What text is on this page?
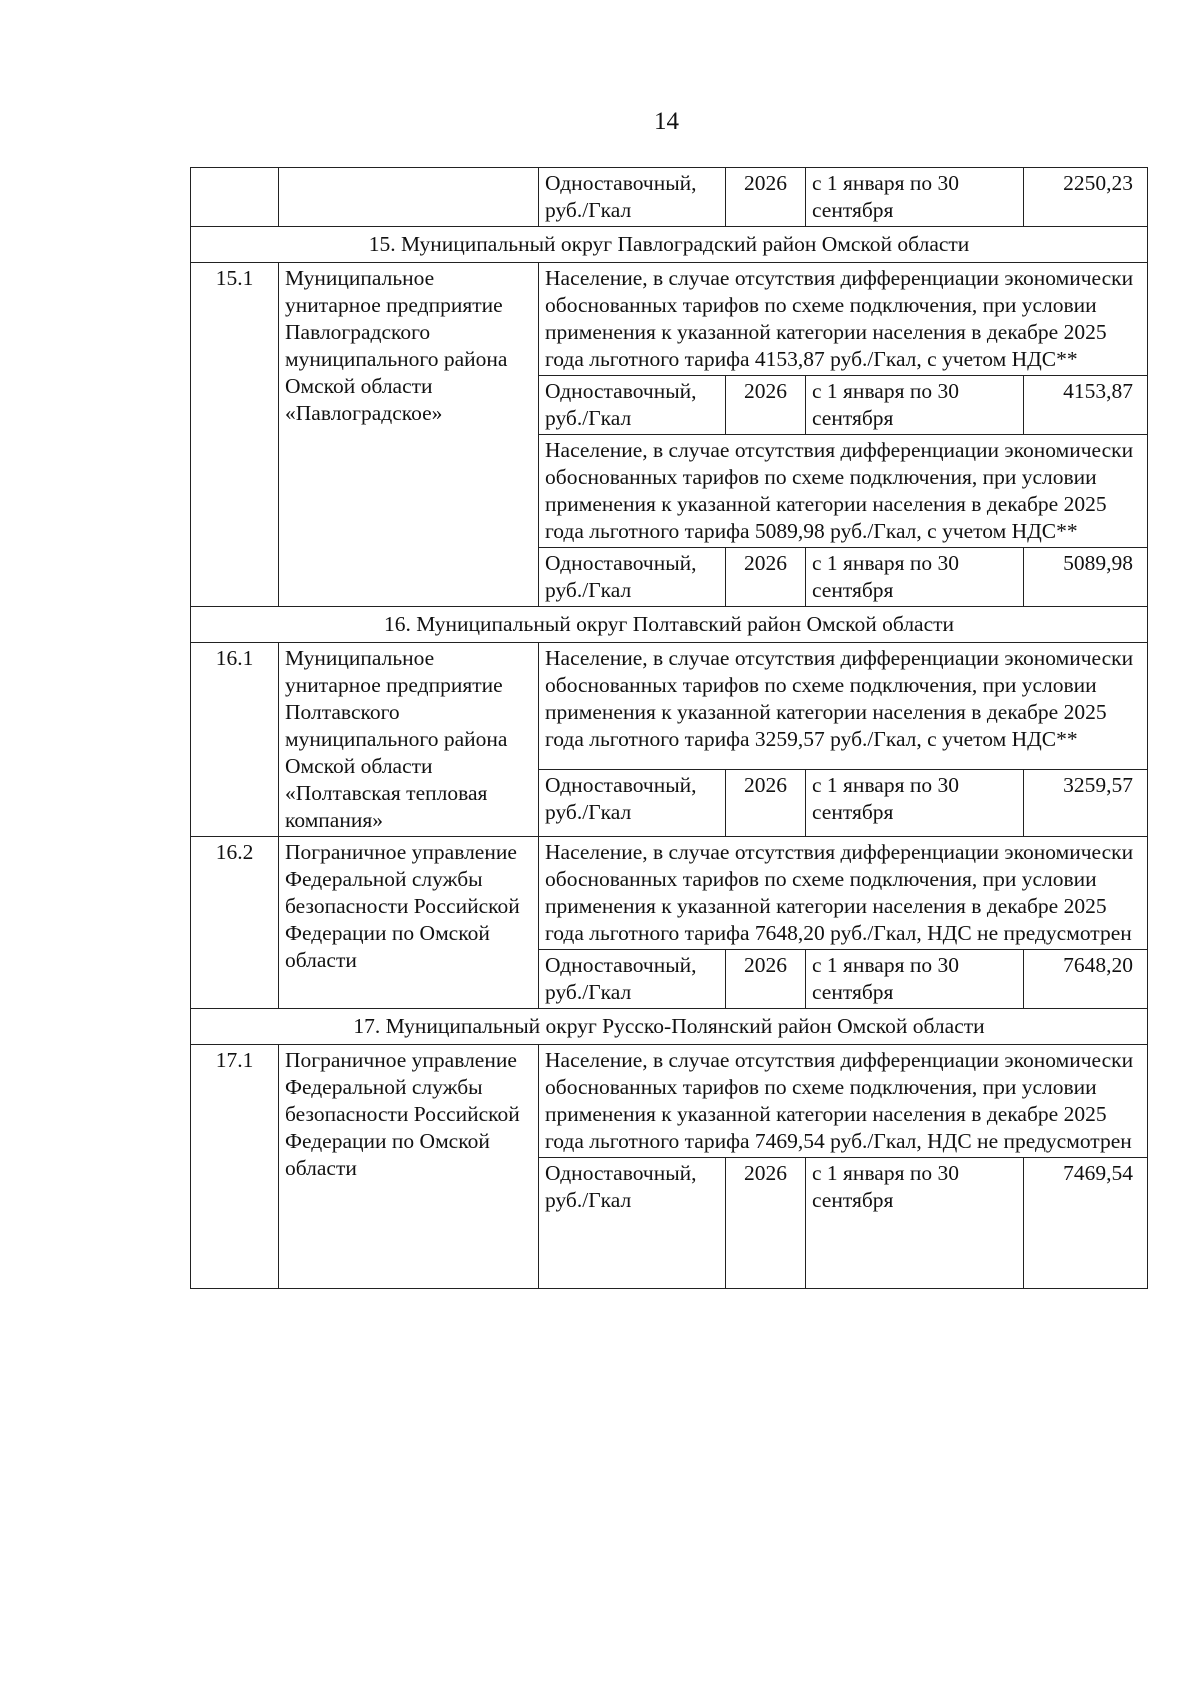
14
		Одноставочный, руб./Гкал	2026	с 1 января по 30 сентября	2250,23
15. Муниципальный округ Павлоградский район Омской области					
15.1	Муниципальное унитарное предприятие Павлоградского муниципального района Омской области «Павлоградское»	Население, в случае отсутствия дифференциации экономически обоснованных тарифов по схеме подключения, при условии применения к указанной категории населения в декабре 2025 года льготного тарифа 4153,87 руб./Гкал, с учетом НДС**			
		Одноставочный, руб./Гкал	2026	с 1 января по 30 сентября	4153,87
		Население, в случае отсутствия дифференциации экономически обоснованных тарифов по схеме подключения, при условии применения к указанной категории населения в декабре 2025 года льготного тарифа 5089,98 руб./Гкал, с учетом НДС**			
		Одноставочный, руб./Гкал	2026	с 1 января по 30 сентября	5089,98
16. Муниципальный округ Полтавский район Омской области					
16.1	Муниципальное унитарное предприятие Полтавского муниципального района Омской области «Полтавская тепловая компания»	Население, в случае отсутствия дифференциации экономически обоснованных тарифов по схеме подключения, при условии применения к указанной категории населения в декабре 2025 года льготного тарифа 3259,57 руб./Гкал, с учетом НДС**			
		Одноставочный, руб./Гкал	2026	с 1 января по 30 сентября	3259,57
16.2	Пограничное управление Федеральной службы безопасности Российской Федерации по Омской области	Население, в случае отсутствия дифференциации экономически обоснованных тарифов по схеме подключения, при условии применения к указанной категории населения в декабре 2025 года льготного тарифа 7648,20 руб./Гкал, НДС не предусмотрен			
		Одноставочный, руб./Гкал	2026	с 1 января по 30 сентября	7648,20
17. Муниципальный округ Русско-Полянский район Омской области					
17.1	Пограничное управление Федеральной службы безопасности Российской Федерации по Омской области	Население, в случае отсутствия дифференциации экономически обоснованных тарифов по схеме подключения, при условии применения к указанной категории населения в декабре 2025 года льготного тарифа 7469,54 руб./Гкал, НДС не предусмотрен			
		Одноставочный, руб./Гкал	2026	с 1 января по 30 сентября	7469,54
